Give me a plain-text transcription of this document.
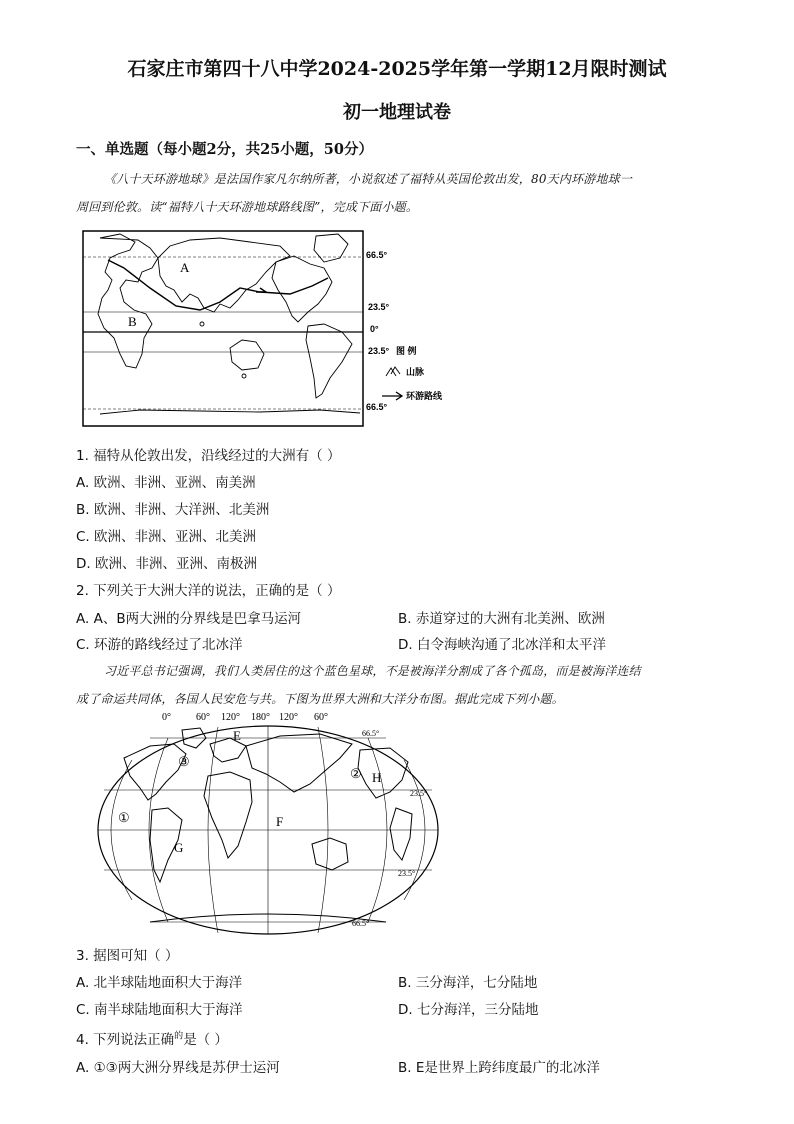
石家庄市第四十八中学2024-2025学年第一学期12月限时测试
初一地理试卷
一、单选题（每小题2分，共25小题，50分）
《八十天环游地球》是法国作家凡尔纳所著，小说叙述了福特从英国伦敦出发，80天内环游地球一
周回到伦敦。读“福特八十天环游地球路线图”，完成下面小题。
A
B
66.5°
23.5°
0°
23.5°
66.5°
图 例
山脉
环游路线
1. 福特从伦敦出发，沿线经过的大洲有（ ）
A. 欧洲、非洲、亚洲、南美洲
B. 欧洲、非洲、大洋洲、北美洲
C. 欧洲、非洲、亚洲、北美洲
D. 欧洲、非洲、亚洲、南极洲
2. 下列关于大洲大洋的说法，正确的是（ ）
A. A、B两大洲的分界线是巴拿马运河	B. 赤道穿过的大洲有北美洲、欧洲
C. 环游的路线经过了北冰洋	D. 白令海峡沟通了北冰洋和太平洋
习近平总书记强调，我们人类居住的这个蓝色星球，不是被海洋分割成了各个孤岛，而是被海洋连结
成了命运共同体，各国人民安危与共。下图为世界大洲和大洋分布图。据此完成下列小题。
E
③
② H
①	F
G
0°	60° 120° 180° 120° 60°
66.5°
23.5°
23.5°
66.5°
3. 据图可知（ ）
A. 北半球陆地面积大于海洋	B. 三分海洋，七分陆地
C. 南半球陆地面积大于海洋	D. 七分海洋，三分陆地
4. 下列说法正确$^的$是（ ）
A. ①③两大洲分界线是苏伊士运河	B. E是世界上跨纬度最广的北冰洋
